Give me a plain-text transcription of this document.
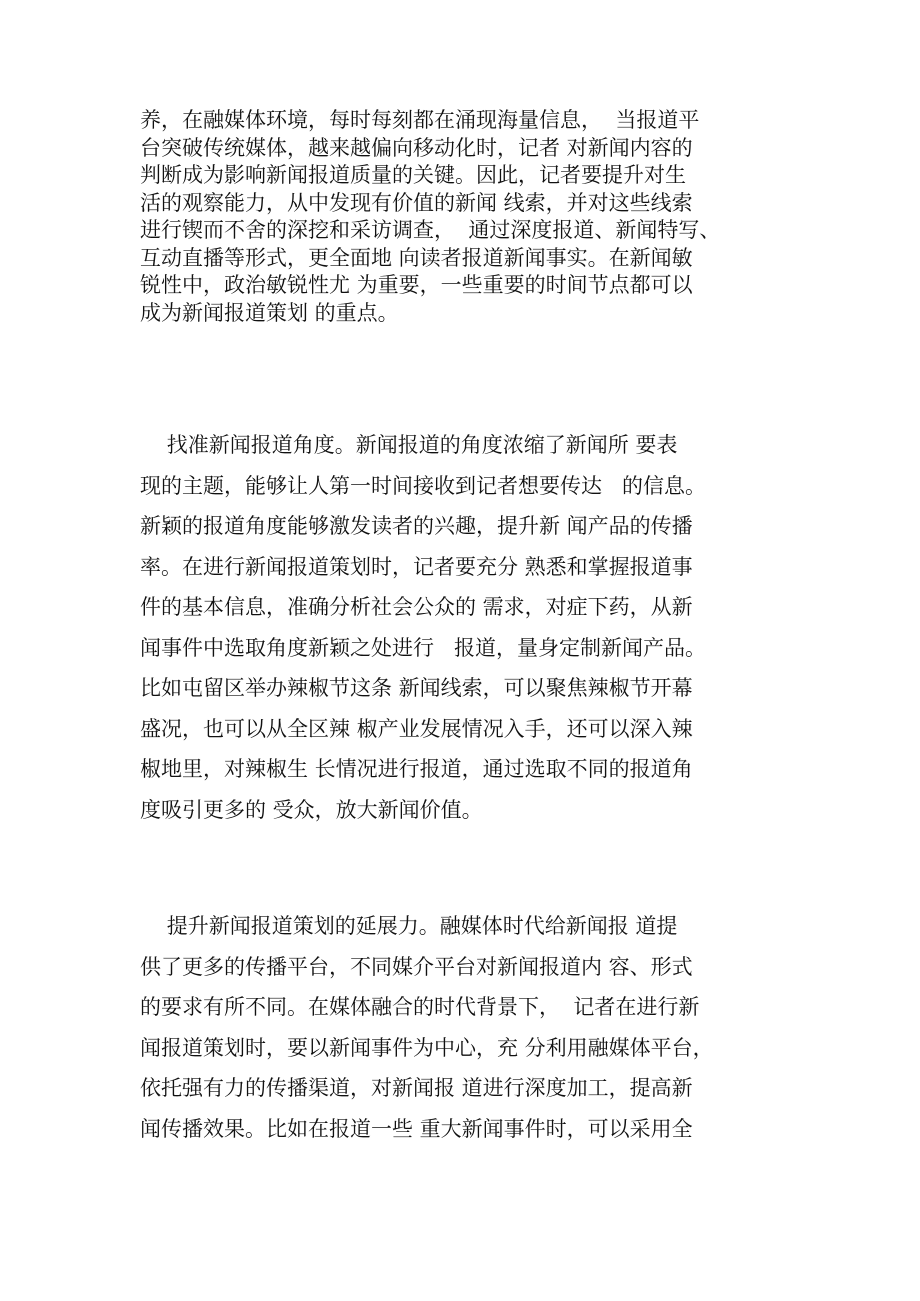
养，在融媒体环境，每时每刻都在涌现海量信息，  当报道平
台突破传统媒体，越来越偏向移动化时，记者 对新闻内容的
判断成为影响新闻报道质量的关键。因此，记者要提升对生
活的观察能力，从中发现有价值的新闻 线索，并对这些线索
进行锲而不舍的深挖和采访调查，  通过深度报道、新闻特写、
互动直播等形式，更全面地 向读者报道新闻事实。在新闻敏
锐性中，政治敏锐性尤 为重要，一些重要的时间节点都可以
成为新闻报道策划 的重点。
找准新闻报道角度。新闻报道的角度浓缩了新闻所 要表
现的主题，能够让人第一时间接收到记者想要传达   的信息。
新颖的报道角度能够激发读者的兴趣，提升新 闻产品的传播
率。在进行新闻报道策划时，记者要充分 熟悉和掌握报道事
件的基本信息，准确分析社会公众的 需求，对症下药，从新
闻事件中选取角度新颖之处进行   报道，量身定制新闻产品。
比如屯留区举办辣椒节这条 新闻线索，可以聚焦辣椒节开幕
盛况，也可以从全区辣 椒产业发展情况入手，还可以深入辣
椒地里，对辣椒生 长情况进行报道，通过选取不同的报道角
度吸引更多的 受众，放大新闻价值。
提升新闻报道策划的延展力。融媒体时代给新闻报 道提
供了更多的传播平台，不同媒介平台对新闻报道内 容、形式
的要求有所不同。在媒体融合的时代背景下，  记者在进行新
闻报道策划时，要以新闻事件为中心，充 分利用融媒体平台，
依托强有力的传播渠道，对新闻报 道进行深度加工，提高新
闻传播效果。比如在报道一些 重大新闻事件时，可以采用全
